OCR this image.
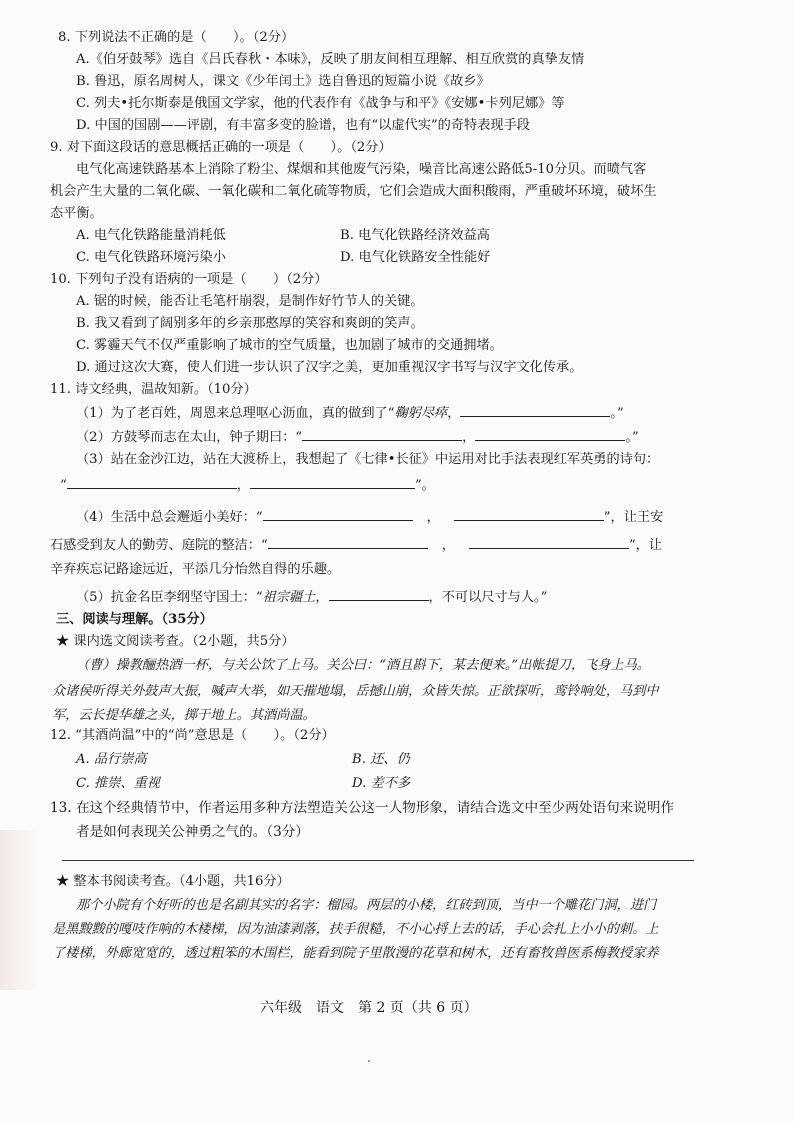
8. 下列说法不正确的是（　　）。（2分）
A.《伯牙鼓琴》选自《吕氏春秋・本味》，反映了朋友间相互理解、相互欣赏的真挚友情
B. 鲁迅，原名周树人，课文《少年闰土》选自鲁迅的短篇小说《故乡》
C. 列夫•托尔斯泰是俄国文学家，他的代表作有《战争与和平》《安娜•卡列尼娜》等
D. 中国的国剧——评剧，有丰富多变的脸谱，也有“以虚代实”的奇特表现手段
9. 对下面这段话的意思概括正确的一项是（　　）。（2分）
电气化高速铁路基本上消除了粉尘、煤烟和其他废气污染，噪音比高速公路低5-10分贝。而喷气客
机会产生大量的二氧化碳、一氧化碳和二氧化硫等物质，它们会造成大面积酸雨，严重破坏环境，破坏生
态平衡。
A. 电气化铁路能量消耗低	B. 电气化铁路经济效益高
C. 电气化铁路环境污染小	D. 电气化铁路安全性能好
10. 下列句子没有语病的一项是（　　）（2分）
A. 锯的时候，能否让毛笔杆崩裂，是制作好竹节人的关键。
B. 我又看到了阔别多年的乡亲那憨厚的笑容和爽朗的笑声。
C. 雾霾天气不仅严重影响了城市的空气质量，也加剧了城市的交通拥堵。
D. 通过这次大赛，使人们进一步认识了汉字之美，更加重视汉字书写与汉字文化传承。
11. 诗文经典，温故知新。（10分）
（1）为了老百姓，周恩来总理呕心沥血，真的做到了“鞠躬尽瘁，	。”
（2）方鼓琴而志在太山，钟子期曰：“	，	。”
（3）站在金沙江边，站在大渡桥上，我想起了《七律•长征》中运用对比手法表现红军英勇的诗句：
“	，	”。
（4）生活中总会邂逅小美好：“	，	”，让王安
石感受到友人的勤劳、庭院的整洁：“	，	”，让
辛弃疾忘记路途远近，平添几分怡然自得的乐趣。
（5）抗金名臣李纲坚守国土：“祖宗疆土，	，不可以尺寸与人。”
三、阅读与理解。（35分）
★ 课内选文阅读考查。（2小题，共5分）
（曹）操教酾热酒一杯，与关公饮了上马。关公曰：“酒且斟下，某去便来。”出帐提刀，飞身上马。
众诸侯听得关外鼓声大振，喊声大举，如天摧地塌，岳撼山崩，众皆失惊。正欲探听，鸾铃响处，马到中
军，云长提华雄之头，掷于地上。其酒尚温。
12. “其酒尚温”中的“尚”意思是（　　）。（2分）
A. 品行崇高	B. 还、仍
C. 推崇、重视	D. 差不多
13. 在这个经典情节中，作者运用多种方法塑造关公这一人物形象，请结合选文中至少两处语句来说明作
者是如何表现关公神勇之气的。（3分）
★ 整本书阅读考查。（4小题，共16分）
那个小院有个好听的也是名副其实的名字：榴园。两层的小楼，红砖到顶，当中一个雕花门洞，进门
是黑黢黢的嘎吱作响的木楼梯，因为油漆剥落，扶手很糙，不小心捋上去的话，手心会扎上小小的刺。上
了楼梯，外廊宽宽的，透过粗笨的木围栏，能看到院子里散漫的花草和树木，还有畜牧兽医系梅教授家养
六年级　语文　第 2 页（共 6 页）
